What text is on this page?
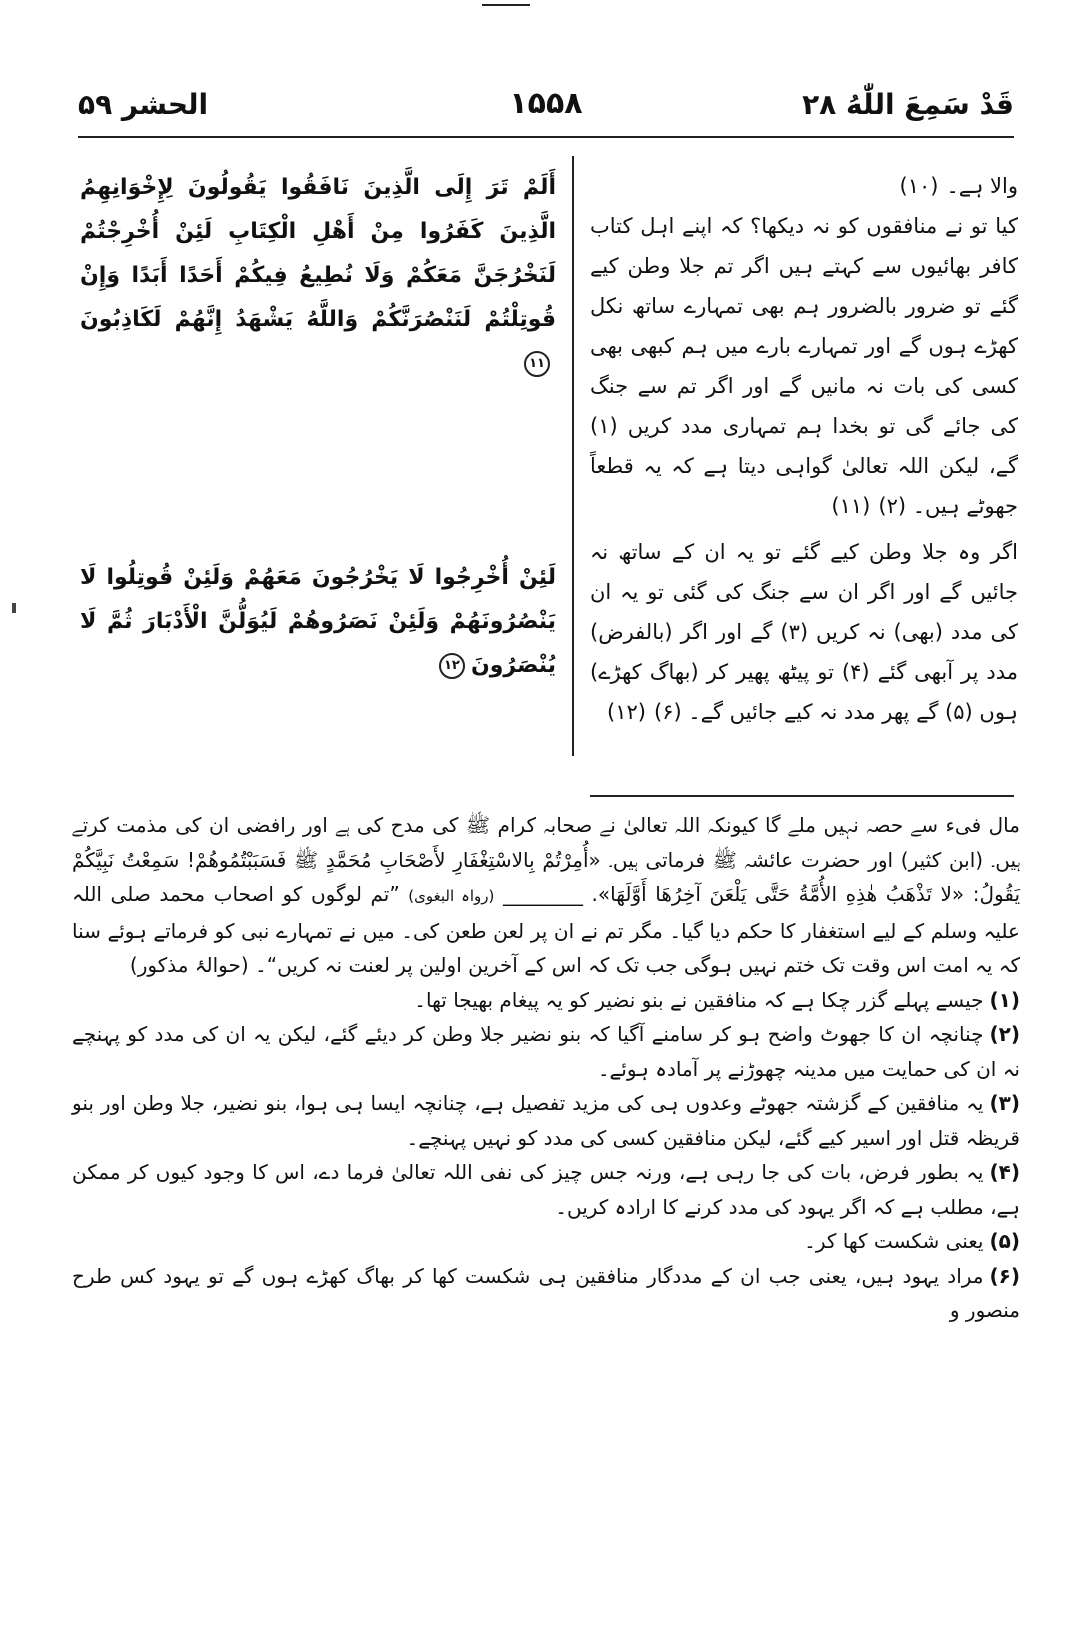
الحشر ۵۹	۱۵۵۸	قَدْ سَمِعَ اللّٰهُ ۲۸

والا ہے۔(۱۰)

کیا تو نے منافقوں کو نہ دیکھا؟ کہ اپنے اہل کتاب کافر بھائیوں سے کہتے ہیں اگر تم جلا وطن کیے گئے تو ضرور بالضرور ہم بھی تمہارے ساتھ نکل کھڑے ہوں گے اور تمہارے بارے میں ہم کبھی بھی کسی کی بات نہ مانیں گے اور اگر تم سے جنگ کی جائے گی تو بخدا ہم تمہاری مدد کریں (۱) گے، لیکن اللہ تعالیٰ گواہی دیتا ہے کہ یہ قطعاً جھوٹے ہیں۔ (۲)(۱۱)

اگر وہ جلا وطن کیے گئے تو یہ ان کے ساتھ نہ جائیں گے اور اگر ان سے جنگ کی گئی تو یہ ان کی مدد (بھی) نہ کریں (۳) گے اور اگر (بالفرض) مدد پر آبھی گئے (۴) تو پیٹھ پھیر کر (بھاگ کھڑے) ہوں (۵) گے پھر مدد نہ کیے جائیں گے۔ (۶)(۱۲)

أَلَمْ تَرَ إِلَى الَّذِينَ نَافَقُوا يَقُولُونَ لِإِخْوَانِهِمُ الَّذِينَ كَفَرُوا مِنْ أَهْلِ الْكِتَابِ لَئِنْ أُخْرِجْتُمْ لَنَخْرُجَنَّ مَعَكُمْ وَلَا نُطِيعُ فِيكُمْ أَحَدًا أَبَدًا وَإِنْ قُوتِلْتُمْ لَنَنْصُرَنَّكُمْ وَاللَّهُ يَشْهَدُ إِنَّهُمْ لَكَاذِبُونَ١١

لَئِنْ أُخْرِجُوا لَا يَخْرُجُونَ مَعَهُمْ وَلَئِنْ قُوتِلُوا لَا يَنْصُرُونَهُمْ وَلَئِنْ نَصَرُوهُمْ لَيُوَلُّنَّ الْأَدْبَارَ ثُمَّ لَا يُنْصَرُونَ١٢

مال فیء سے حصہ نہیں ملے گا کیونکہ اللہ تعالیٰ نے صحابہ کرام ﷺ کی مدح کی ہے اور رافضی ان کی مذمت کرتے ہیں۔ (ابن کثیر) اور حضرت عائشہ ﷺ فرماتی ہیں۔ «أُمِرْتُمْ بِالاسْتِغْفَارِ لأَصْحَابِ مُحَمَّدٍ ﷺ فَسَبَبْتُمُوهُمْ! سَمِعْتُ نَبِيَّكُمْ يَقُولُ: «لا تَذْهَبُ هٰذِهِ الأُمَّةُ حَتَّى يَلْعَنَ آخِرُهَا أَوَّلَهَا». ________ (رواہ البغوی) ”تم لوگوں کو اصحاب محمد صلی اللہ علیہ وسلم کے لیے استغفار کا حکم دیا گیا۔ مگر تم نے ان پر لعن طعن کی۔ میں نے تمہارے نبی کو فرماتے ہوئے سنا کہ یہ امت اس وقت تک ختم نہیں ہوگی جب تک کہ اس کے آخرین اولین پر لعنت نہ کریں“۔ (حوالۂ مذکور)

(۱)جیسے پہلے گزر چکا ہے کہ منافقین نے بنو نضیر کو یہ پیغام بھیجا تھا۔

(۲)چنانچہ ان کا جھوٹ واضح ہو کر سامنے آگیا کہ بنو نضیر جلا وطن کر دیئے گئے، لیکن یہ ان کی مدد کو پہنچے نہ ان کی حمایت میں مدینہ چھوڑنے پر آمادہ ہوئے۔

(۳)یہ منافقین کے گزشتہ جھوٹے وعدوں ہی کی مزید تفصیل ہے، چنانچہ ایسا ہی ہوا، بنو نضیر، جلا وطن اور بنو قریظہ قتل اور اسیر کیے گئے، لیکن منافقین کسی کی مدد کو نہیں پہنچے۔

(۴)یہ بطور فرض، بات کی جا رہی ہے، ورنہ جس چیز کی نفی اللہ تعالیٰ فرما دے، اس کا وجود کیوں کر ممکن ہے، مطلب ہے کہ اگر یہود کی مدد کرنے کا ارادہ کریں۔

(۵)یعنی شکست کھا کر۔

(۶)مراد یہود ہیں، یعنی جب ان کے مددگار منافقین ہی شکست کھا کر بھاگ کھڑے ہوں گے تو یہود کس طرح منصور و
